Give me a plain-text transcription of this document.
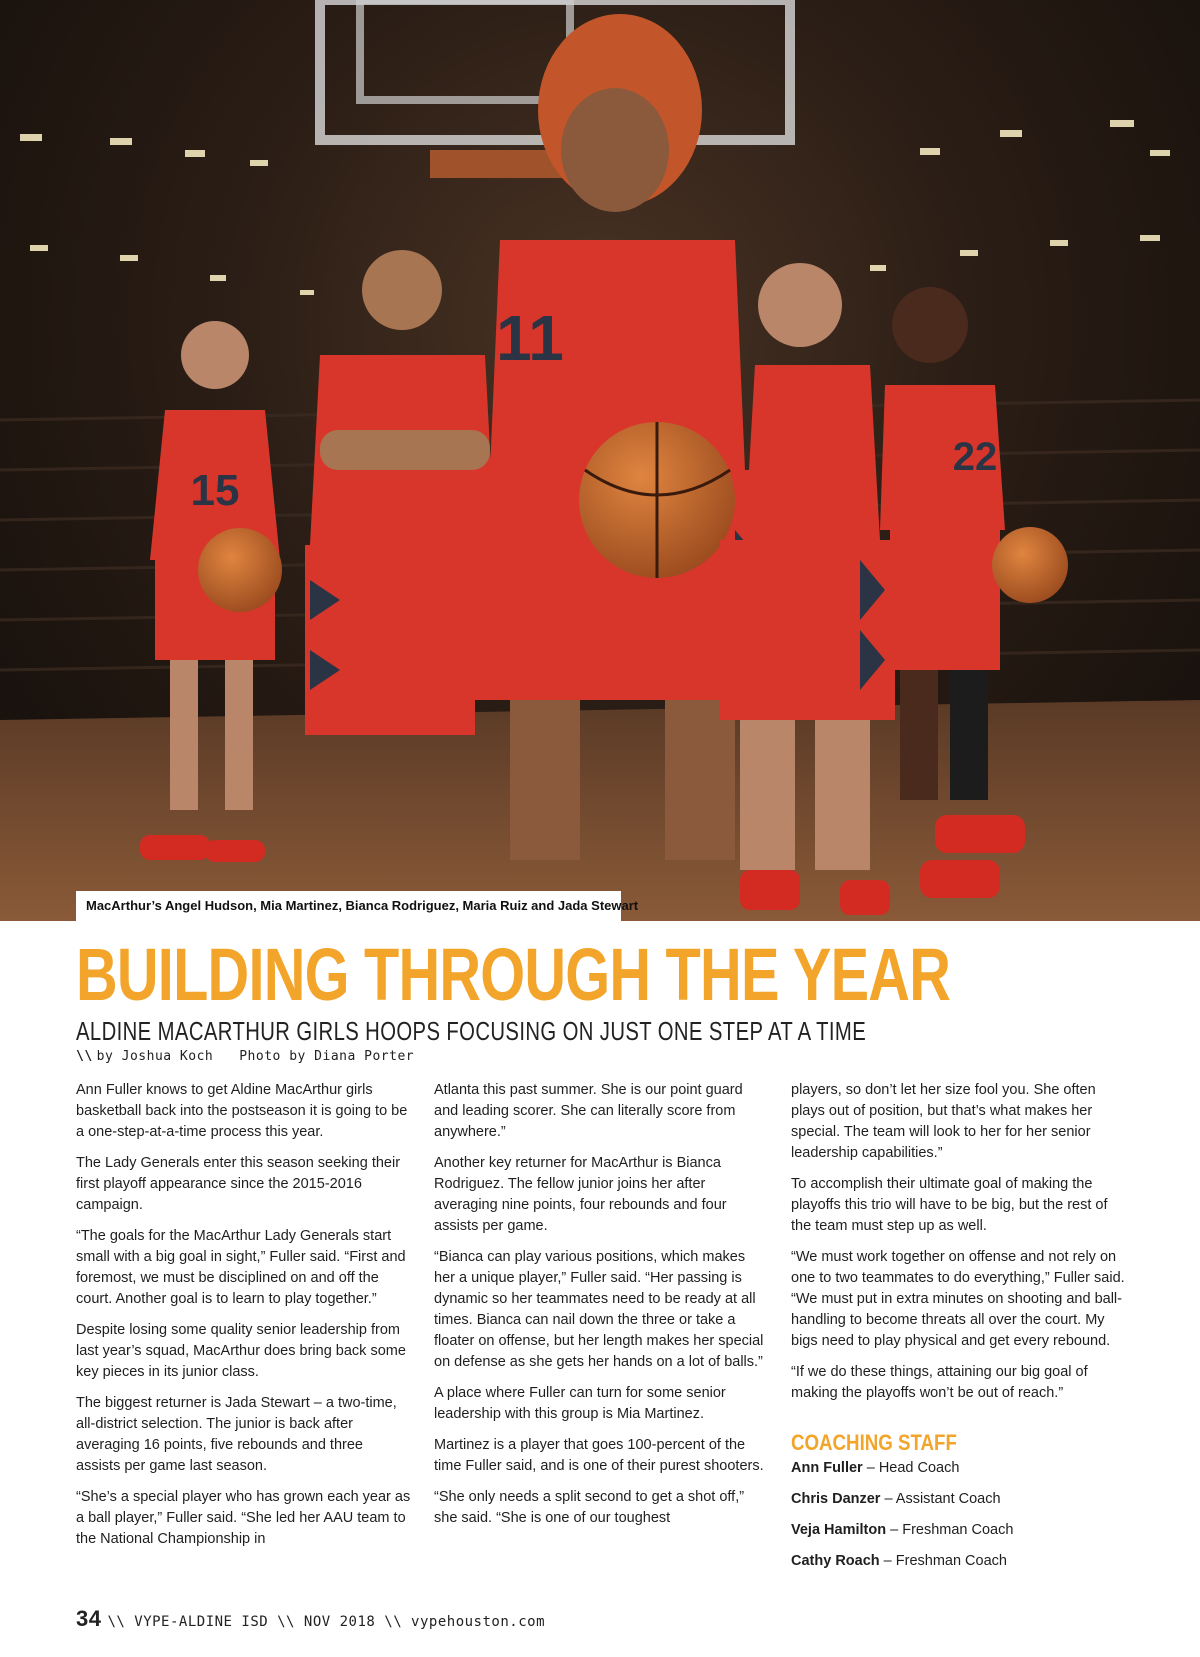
15
11
22
MacArthur’s Angel Hudson, Mia Martinez, Bianca Rodriguez, Maria Ruiz and Jada Stewart
BUILDING THROUGH THE YEAR
ALDINE MACARTHUR GIRLS HOOPS FOCUSING ON JUST ONE STEP AT A TIME
\\ by Joshua Koch Photo by Diana Porter

Ann Fuller knows to get Aldine MacArthur girls basketball back into the postseason it is going to be a one-step-at-a-time process this year.

The Lady Generals enter this season seeking their first playoff appearance since the 2015-2016 campaign.

“The goals for the MacArthur Lady Generals start small with a big goal in sight,” Fuller said. “First and foremost, we must be disciplined on and off the court. Another goal is to learn to play together.”

Despite losing some quality senior leadership from last year’s squad, MacArthur does bring back some key pieces in its junior class.

The biggest returner is Jada Stewart – a two-time, all-district selection. The junior is back after averaging 16 points, five rebounds and three assists per game last season.

“She’s a special player who has grown each year as a ball player,” Fuller said. “She led her AAU team to the National Championship in

Atlanta this past summer. She is our point guard and leading scorer. She can literally score from anywhere.”

Another key returner for MacArthur is Bianca Rodriguez. The fellow junior joins her after averaging nine points, four rebounds and four assists per game.

“Bianca can play various positions, which makes her a unique player,” Fuller said. “Her passing is dynamic so her teammates need to be ready at all times. Bianca can nail down the three or take a floater on offense, but her length makes her special on defense as she gets her hands on a lot of balls.”

A place where Fuller can turn for some senior leadership with this group is Mia Martinez.

Martinez is a player that goes 100-percent of the time Fuller said, and is one of their purest shooters.

“She only needs a split second to get a shot off,” she said. “She is one of our toughest

players, so don’t let her size fool you. She often plays out of position, but that’s what makes her special. The team will look to her for her senior leadership capabilities.”

To accomplish their ultimate goal of making the playoffs this trio will have to be big, but the rest of the team must step up as well.

“We must work together on offense and not rely on one to two teammates to do everything,” Fuller said. “We must put in extra minutes on shooting and ball-handling to become threats all over the court. My bigs need to play physical and get every rebound.

“If we do these things, attaining our big goal of making the playoffs won’t be out of reach.”

COACHING STAFF

Ann Fuller – Head Coach

Chris Danzer – Assistant Coach

Veja Hamilton – Freshman Coach

Cathy Roach – Freshman Coach

34 \\ VYPE-ALDINE ISD \\ NOV 2018 \\ vypehouston.com
